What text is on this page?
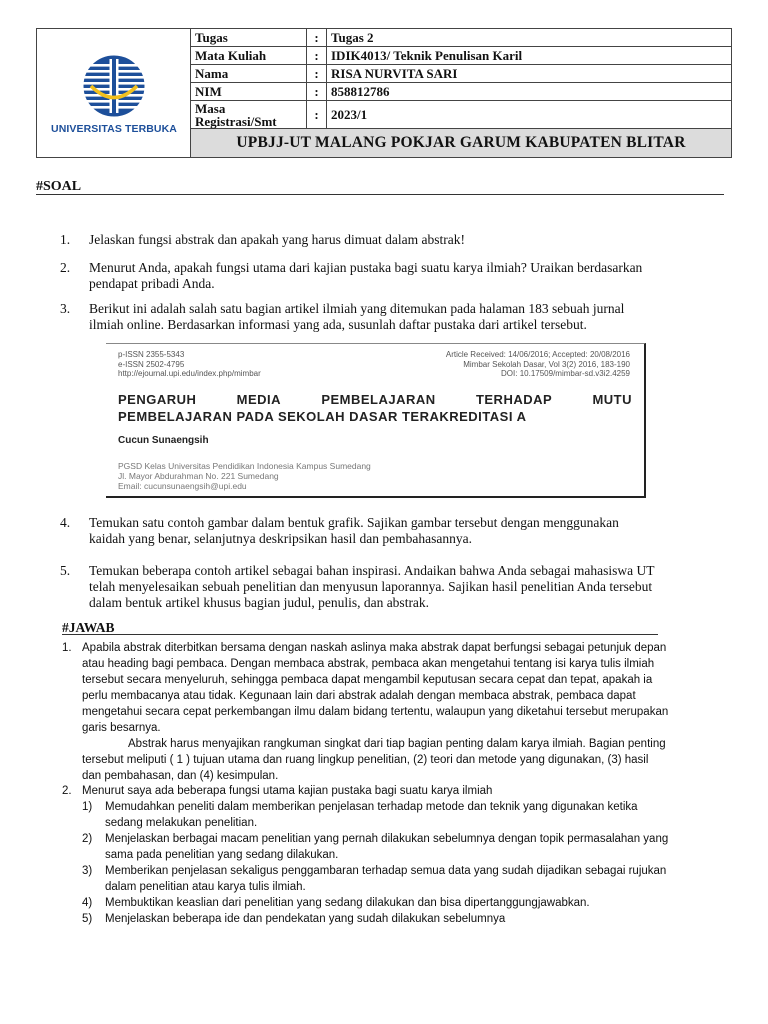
UNIVERSITAS TERBUKA
Tugas	: Tugas 2
Mata Kuliah	: IDIK4013/ Teknik Penulisan Karil
Nama	: RISA NURVITA SARI
NIM	: 858812786
Masa
Registrasi/Smt	: 2023/1
UPBJJ-UT MALANG POKJAR GARUM KABUPATEN BLITAR
#SOAL
1.	Jelaskan fungsi abstrak dan apakah yang harus dimuat dalam abstrak!
2.	Menurut Anda, apakah fungsi utama dari kajian pustaka bagi suatu karya ilmiah? Uraikan berdasarkan
pendapat pribadi Anda.
3.	Berikut ini adalah salah satu bagian artikel ilmiah yang ditemukan pada halaman 183 sebuah jurnal
ilmiah online. Berdasarkan informasi yang ada, susunlah daftar pustaka dari artikel tersebut.
p-ISSN 2355-5343
e-ISSN 2502-4795
http://ejournal.upi.edu/index.php/mimbar
Article Received: 14/06/2016; Accepted: 20/08/2016
Mimbar Sekolah Dasar, Vol 3(2) 2016, 183-190
DOI: 10.17509/mimbar-sd.v3i2.4259
PENGARUH	MEDIA	PEMBELAJARAN	TERHADAP	MUTU
PEMBELAJARAN PADA SEKOLAH DASAR TERAKREDITASI A
Cucun Sunaengsih
PGSD Kelas Universitas Pendidikan Indonesia Kampus Sumedang
Jl. Mayor Abdurahman No. 221 Sumedang
Email: cucunsunaengsih@upi.edu
4.	Temukan satu contoh gambar dalam bentuk grafik. Sajikan gambar tersebut dengan menggunakan
kaidah yang benar, selanjutnya deskripsikan hasil dan pembahasannya.
5.	Temukan beberapa contoh artikel sebagai bahan inspirasi. Andaikan bahwa Anda sebagai mahasiswa UT
telah menyelesaikan sebuah penelitian dan menyusun laporannya. Sajikan hasil penelitian Anda tersebut
dalam bentuk artikel khusus bagian judul, penulis, dan abstrak.
#JAWAB
1. Apabila abstrak diterbitkan bersama dengan naskah aslinya maka abstrak dapat berfungsi sebagai petunjuk depan
atau heading bagi pembaca. Dengan membaca abstrak, pembaca akan mengetahui tentang isi karya tulis ilmiah
tersebut secara menyeluruh, sehingga pembaca dapat mengambil keputusan secara cepat dan tepat, apakah ia
perlu membacanya atau tidak. Kegunaan lain dari abstrak adalah dengan membaca abstrak, pembaca dapat
mengetahui secara cepat perkembangan ilmu dalam bidang tertentu, walaupun yang diketahui tersebut merupakan
garis besarnya.
Abstrak harus menyajikan rangkuman singkat dari tiap bagian penting dalam karya ilmiah. Bagian penting
tersebut meliputi ( 1 ) tujuan utama dan ruang lingkup penelitian, (2) teori dan metode yang digunakan, (3) hasil
dan pembahasan, dan (4) kesimpulan.
2. Menurut saya ada beberapa fungsi utama kajian pustaka bagi suatu karya ilmiah
1)	Memudahkan peneliti dalam memberikan penjelasan terhadap metode dan teknik yang digunakan ketika
sedang melakukan penelitian.
2)	Menjelaskan berbagai macam penelitian yang pernah dilakukan sebelumnya dengan topik permasalahan yang
sama pada penelitian yang sedang dilakukan.
3)	Memberikan penjelasan sekaligus penggambaran terhadap semua data yang sudah dijadikan sebagai rujukan
dalam penelitian atau karya tulis ilmiah.
4)	Membuktikan keaslian dari penelitian yang sedang dilakukan dan bisa dipertanggungjawabkan.
5)	Menjelaskan beberapa ide dan pendekatan yang sudah dilakukan sebelumnya
